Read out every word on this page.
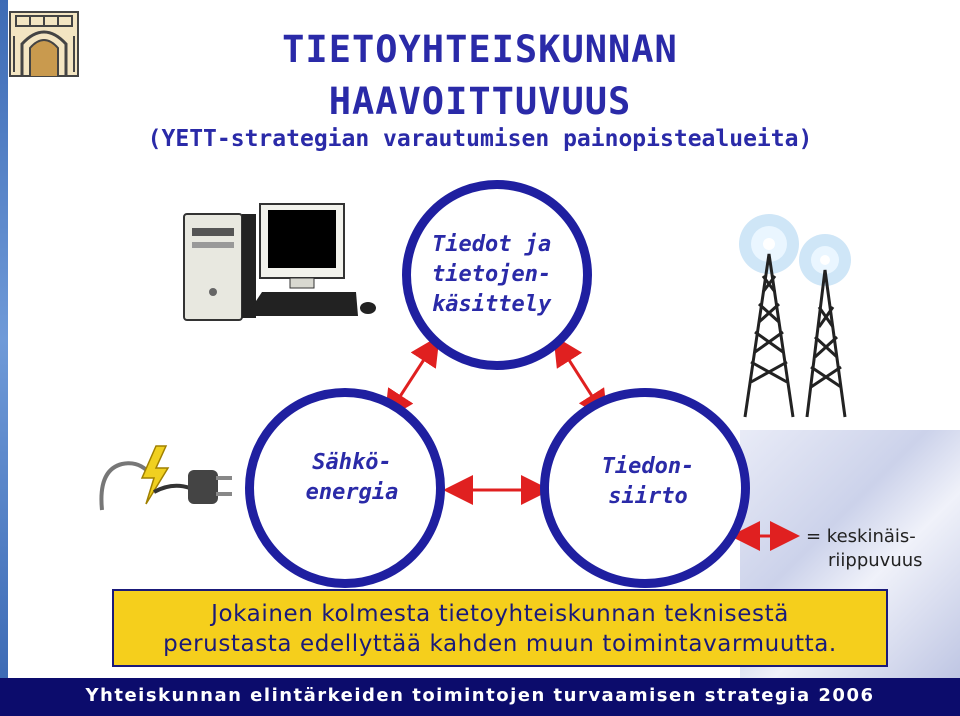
TIETOYHTEISKUNNAN
HAAVOITTUVUUS
(YETT-strategian varautumisen painopistealueita)
Tiedot ja
tietojen-
käsittely
Sähkö-
energia
Tiedon-
siirto
= keskinäis-
riippuvuus
Jokainen kolmesta tietoyhteiskunnan teknisestä
perustasta edellyttää kahden muun toimintavarmuutta.
Yhteiskunnan elintärkeiden toimintojen turvaamisen strategia 2006
